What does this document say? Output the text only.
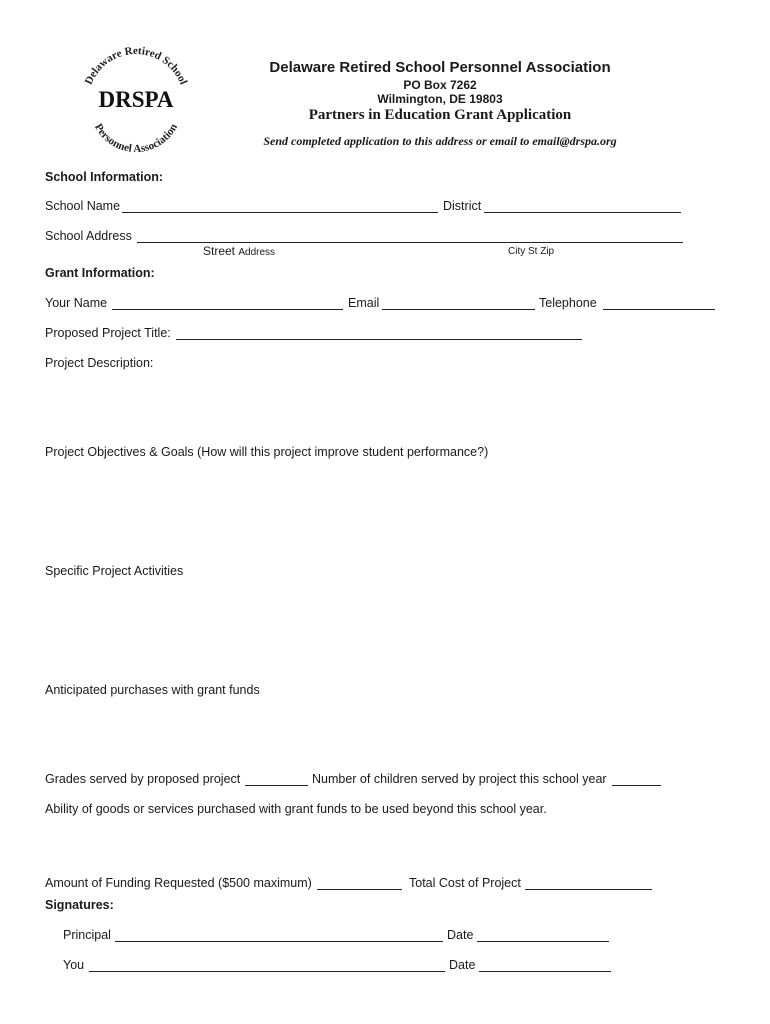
Delaware Retired School
Personnel Association
DRSPA
Delaware Retired School Personnel Association
PO Box 7262
Wilmington, DE 19803
Partners in Education Grant Application
Send completed application to this address or email to email@drspa.org
School Information:
School Name	District
School Address
Street Address	City St Zip
Grant Information:
Your Name	Email	Telephone
Proposed Project Title:
Project Description:
Project Objectives & Goals (How will this project improve student performance?)
Specific Project Activities
Anticipated purchases with grant funds
Grades served by proposed project	Number of children served by project this school year
Ability of goods or services purchased with grant funds to be used beyond this school year.
Amount of Funding Requested ($500 maximum)	Total Cost of Project
Signatures:
Principal	Date
You	Date
